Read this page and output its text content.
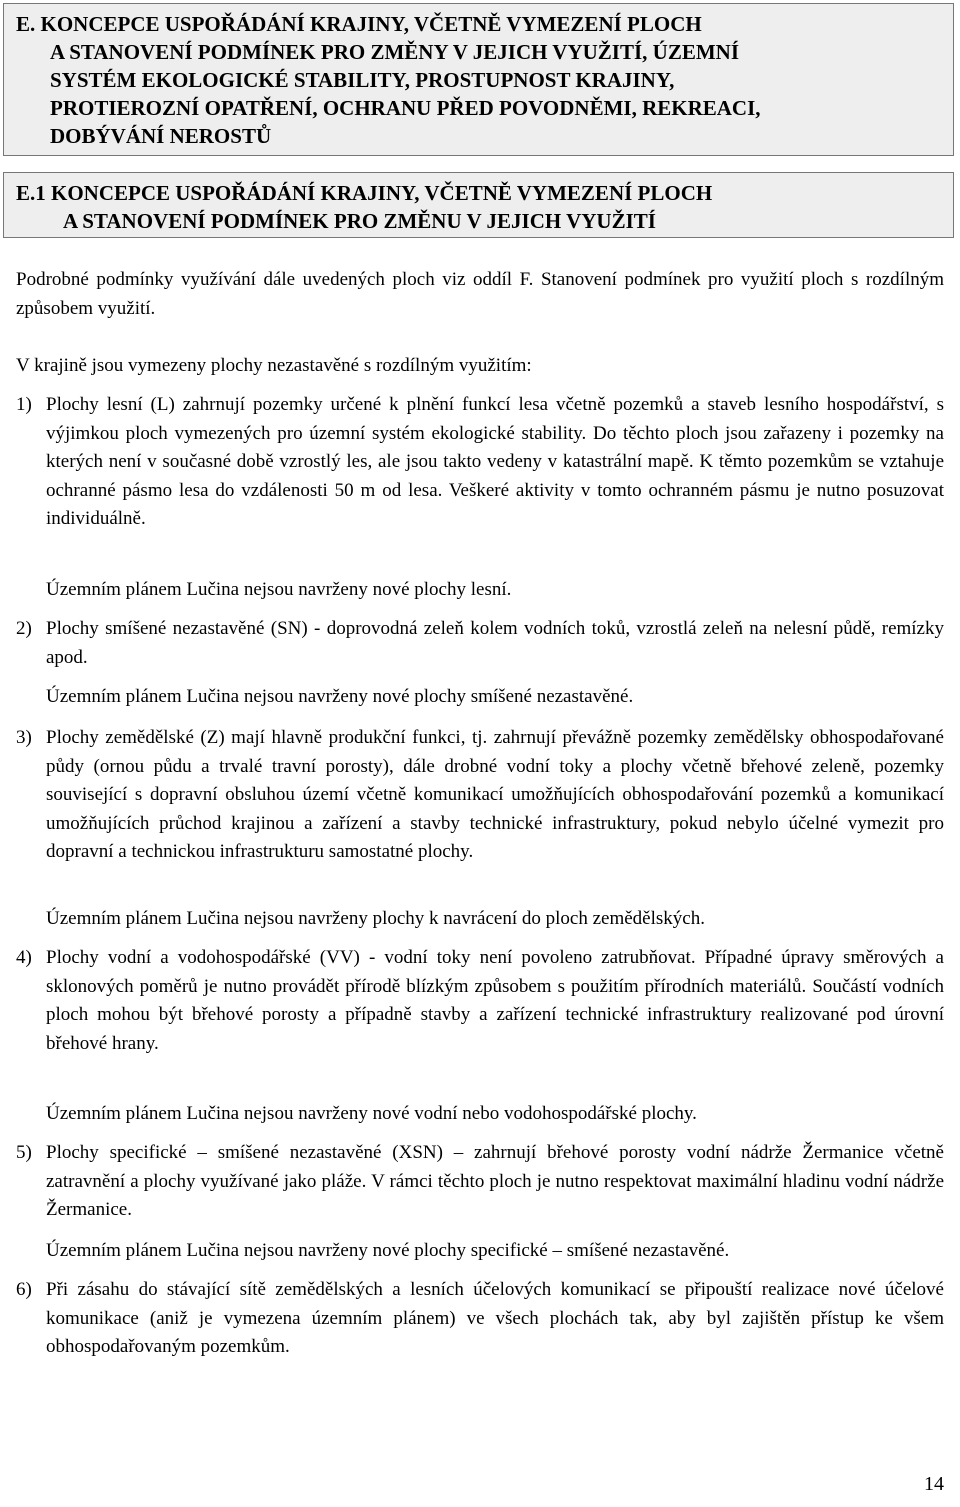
E. KONCEPCE USPOŘÁDÁNÍ KRAJINY, VČETNĚ VYMEZENÍ PLOCH
A STANOVENÍ PODMÍNEK PRO ZMĚNY V JEJICH VYUŽITÍ, ÚZEMNÍ
SYSTÉM EKOLOGICKÉ STABILITY, PROSTUPNOST KRAJINY,
PROTIEROZNÍ OPATŘENÍ, OCHRANU PŘED POVODNĚMI, REKREACI,
DOBÝVÁNÍ NEROSTŮ
E.1 KONCEPCE USPOŘÁDÁNÍ KRAJINY, VČETNĚ VYMEZENÍ PLOCH
A STANOVENÍ PODMÍNEK PRO ZMĚNU V JEJICH VYUŽITÍ

Podrobné podmínky využívání dále uvedených ploch viz oddíl F. Stanovení podmínek pro využití ploch s rozdílným způsobem využití.

V krajině jsou vymezeny plochy nezastavěné s rozdílným využitím:

1) Plochy lesní (L) zahrnují pozemky určené k plnění funkcí lesa včetně pozemků a staveb lesního hospodářství, s výjimkou ploch vymezených pro územní systém ekologické stability. Do těchto ploch jsou zařazeny i pozemky na kterých není v současné době vzrostlý les, ale jsou takto vedeny v katastrální mapě. K těmto pozemkům se vztahuje ochranné pásmo lesa do vzdálenosti 50 m od lesa. Veškeré aktivity v tomto ochranném pásmu je nutno posuzovat individuálně.

Územním plánem Lučina nejsou navrženy nové plochy lesní.

2) Plochy smíšené nezastavěné (SN) - doprovodná zeleň kolem vodních toků, vzrostlá zeleň na nelesní půdě, remízky apod.

Územním plánem Lučina nejsou navrženy nové plochy smíšené nezastavěné.

3) Plochy zemědělské (Z) mají hlavně produkční funkci, tj. zahrnují převážně pozemky zemědělsky obhospodařované půdy (ornou půdu a trvalé travní porosty), dále drobné vodní toky a plochy včetně břehové zeleně, pozemky související s dopravní obsluhou území včetně komunikací umožňujících obhospodařování pozemků a komunikací umožňujících průchod krajinou a zařízení a stavby technické infrastruktury, pokud nebylo účelné vymezit pro dopravní a technickou infrastrukturu samostatné plochy.

Územním plánem Lučina nejsou navrženy plochy k navrácení do ploch zemědělských.

4) Plochy vodní a vodohospodářské (VV) - vodní toky není povoleno zatrubňovat. Případné úpravy směrových a sklonových poměrů je nutno provádět přírodě blízkým způsobem s použitím přírodních materiálů. Součástí vodních ploch mohou být břehové porosty a případně stavby a zařízení technické infrastruktury realizované pod úrovní břehové hrany.

Územním plánem Lučina nejsou navrženy nové vodní nebo vodohospodářské plochy.

5) Plochy specifické – smíšené nezastavěné (XSN) – zahrnují břehové porosty vodní nádrže Žermanice včetně zatravnění a plochy využívané jako pláže. V rámci těchto ploch je nutno respektovat maximální hladinu vodní nádrže Žermanice.

Územním plánem Lučina nejsou navrženy nové plochy specifické – smíšené nezastavěné.

6) Při zásahu do stávající sítě zemědělských a lesních účelových komunikací se připouští realizace nové účelové komunikace (aniž je vymezena územním plánem) ve všech plochách tak, aby byl zajištěn přístup ke všem obhospodařovaným pozemkům.
14
